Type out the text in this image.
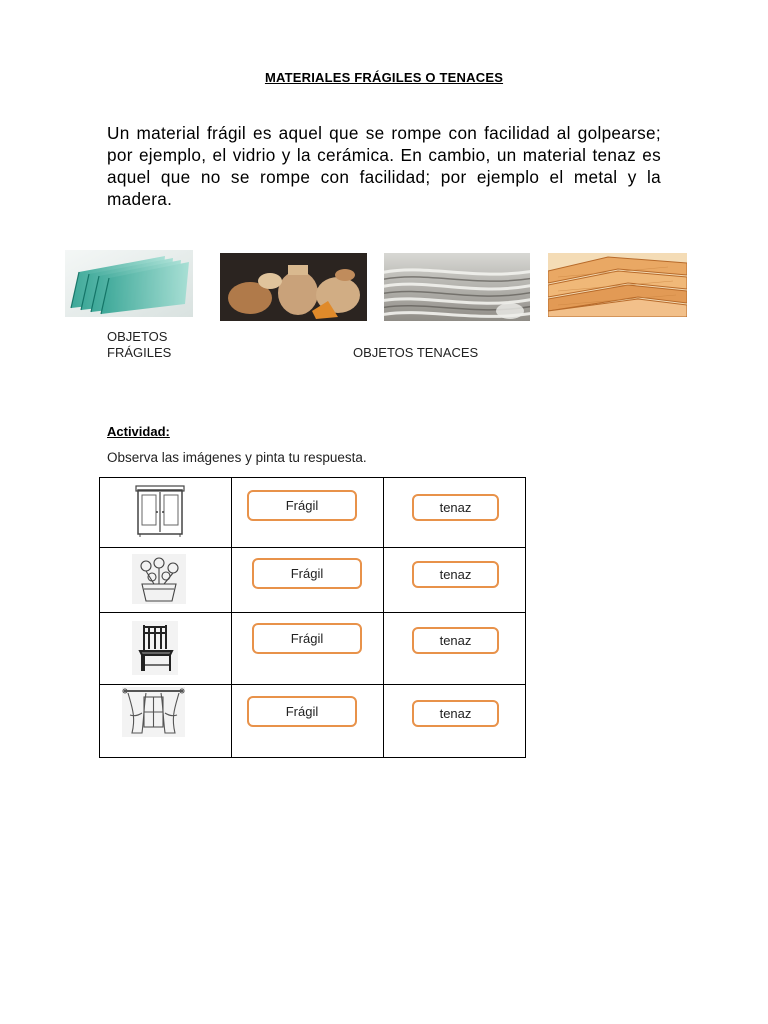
MATERIALES FRÁGILES O TENACES
Un material frágil es aquel que se rompe con facilidad al golpearse; por ejemplo, el vidrio y la cerámica. En cambio, un material tenaz es aquel que no se rompe con facilidad; por ejemplo el metal y la madera.
OBJETOS
FRÁGILES	OBJETOS TENACES
Actividad:
Observa las imágenes y pinta tu respuesta.

Frágil	tenaz

Frágil	tenaz

Frágil	tenaz

Frágil	tenaz
